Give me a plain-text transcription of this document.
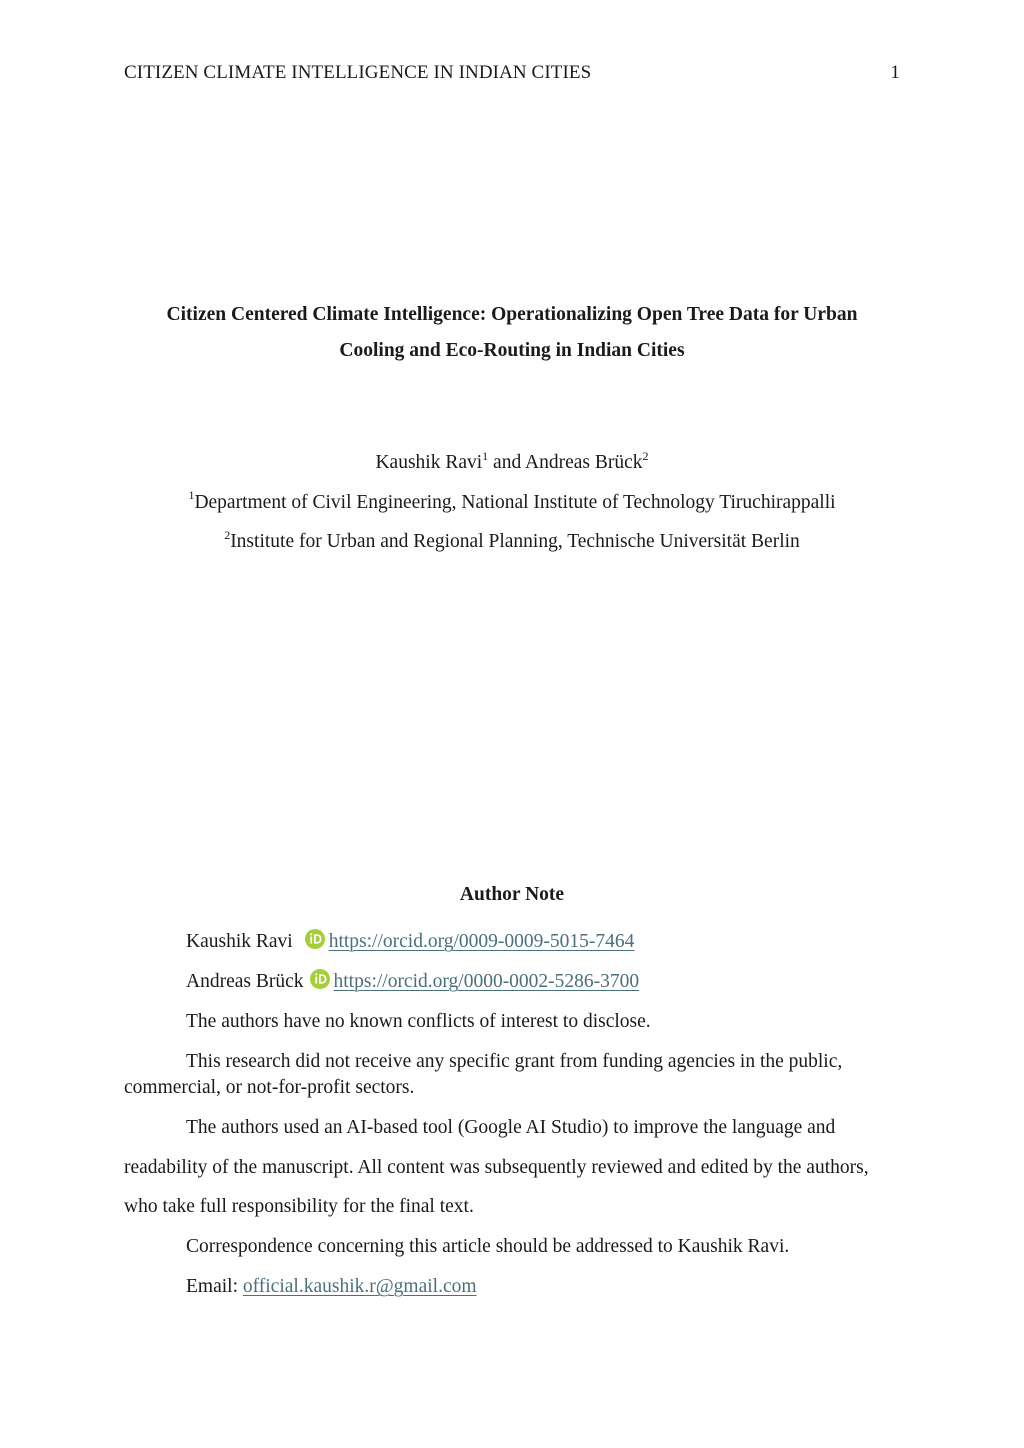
CITIZEN CLIMATE INTELLIGENCE IN INDIAN CITIES	1
Citizen Centered Climate Intelligence: Operationalizing Open Tree Data for Urban
Cooling and Eco-Routing in Indian Cities
Kaushik Ravi$^1$ and Andreas Brück$^2$
$^1$Department of Civil Engineering, National Institute of Technology Tiruchirappalli
$^2$Institute for Urban and Regional Planning, Technische Universität Berlin
Author Note
Kaushik Ravi https://orcid.org/0009-0009-5015-7464
Andreas Brück https://orcid.org/0000-0002-5286-3700
The authors have no known conflicts of interest to disclose.
This research did not receive any specific grant from funding agencies in the public, commercial, or not-for-profit sectors.
The authors used an AI-based tool (Google AI Studio) to improve the language and readability of the manuscript. All content was subsequently reviewed and edited by the authors, who take full responsibility for the final text.
Correspondence concerning this article should be addressed to Kaushik Ravi.
Email: official.kaushik.r@gmail.com
